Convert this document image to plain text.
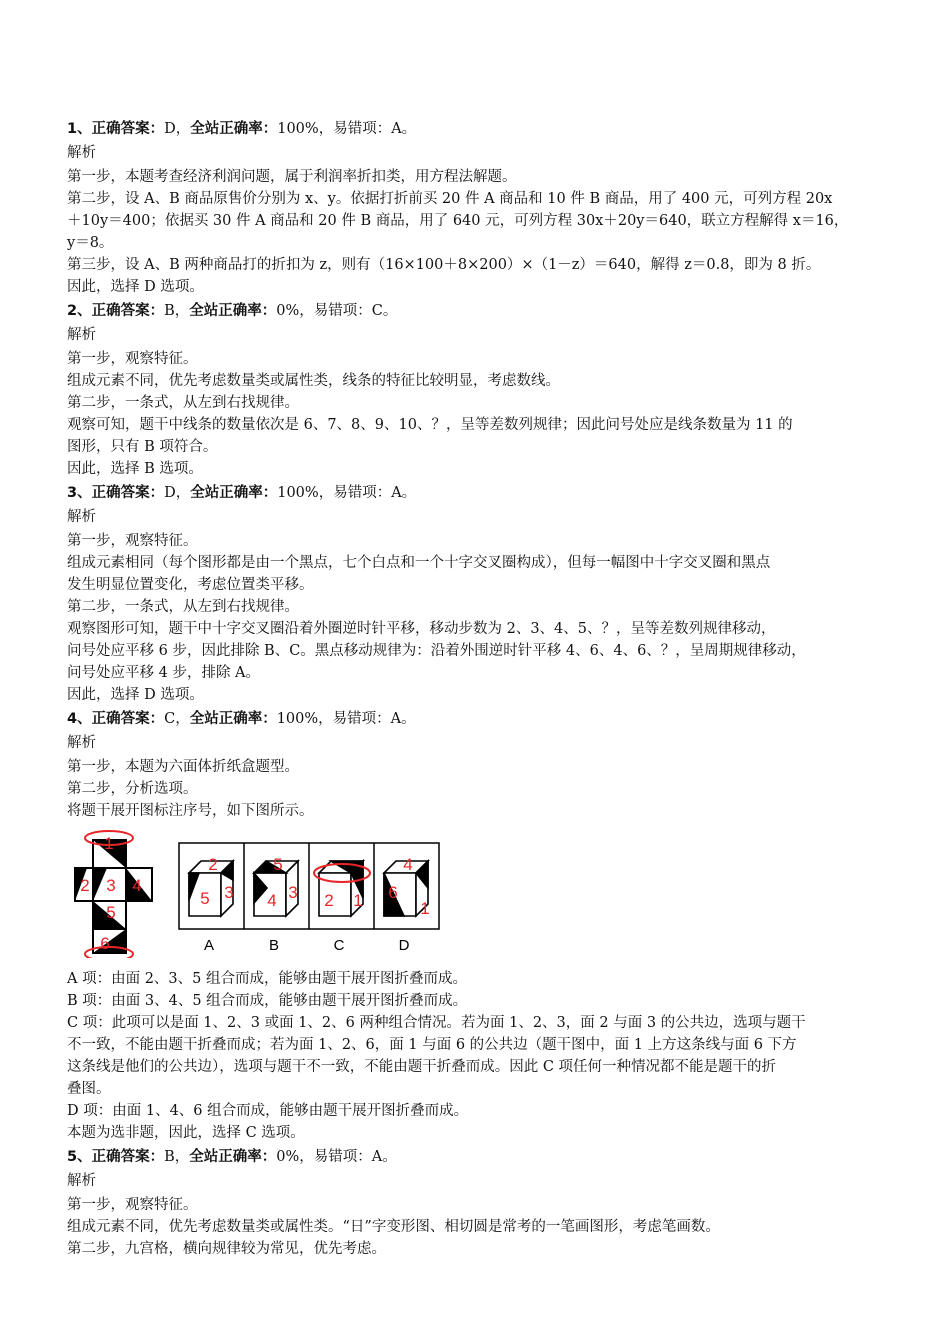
1、正确答案：D，全站正确率：100%，易错项：A。
解析
第一步，本题考查经济利润问题，属于利润率折扣类，用方程法解题。
第二步，设 A、B 商品原售价分别为 x、y。依据打折前买 20 件 A 商品和 10 件 B 商品，用了 400 元，可列方程 20x
＋10y＝400；依据买 30 件 A 商品和 20 件 B 商品，用了 640 元，可列方程 30x＋20y＝640，联立方程解得 x＝16，
y＝8。
第三步，设 A、B 两种商品打的折扣为 z，则有（16×100＋8×200）×（1－z）＝640，解得 z＝0.8，即为 8 折。
因此，选择 D 选项。
2、正确答案：B，全站正确率：0%，易错项：C。
解析
第一步，观察特征。
组成元素不同，优先考虑数量类或属性类，线条的特征比较明显，考虑数线。
第二步，一条式，从左到右找规律。
观察可知，题干中线条的数量依次是 6、7、8、9、10、？，呈等差数列规律；因此问号处应是线条数量为 11 的
图形，只有 B 项符合。
因此，选择 B 选项。
3、正确答案：D，全站正确率：100%，易错项：A。
解析
第一步，观察特征。
组成元素相同（每个图形都是由一个黑点，七个白点和一个十字交叉圈构成），但每一幅图中十字交叉圈和黑点
发生明显位置变化，考虑位置类平移。
第二步，一条式，从左到右找规律。
观察图形可知，题干中十字交叉圈沿着外圈逆时针平移，移动步数为 2、3、4、5、？，呈等差数列规律移动，
问号处应平移 6 步，因此排除 B、C。黑点移动规律为：沿着外围逆时针平移 4、6、4、6、？，呈周期规律移动，
问号处应平移 4 步，排除 A。
因此，选择 D 选项。
4、正确答案：C，全站正确率：100%，易错项：A。
解析
第一步，本题为六面体折纸盒题型。
第二步，分析选项。
将题干展开图标注序号，如下图所示。
1
2 3 4
5
6
2
5 3
5
4 3 2 1
4
6
1
A	B	C	D
A 项：由面 2、3、5 组合而成，能够由题干展开图折叠而成。
B 项：由面 3、4、5 组合而成，能够由题干展开图折叠而成。
C 项：此项可以是面 1、2、3 或面 1、2、6 两种组合情况。若为面 1、2、3，面 2 与面 3 的公共边，选项与题干
不一致，不能由题干折叠而成；若为面 1、2、6，面 1 与面 6 的公共边（题干图中，面 1 上方这条线与面 6 下方
这条线是他们的公共边），选项与题干不一致，不能由题干折叠而成。因此 C 项任何一种情况都不能是题干的折
叠图。
D 项：由面 1、4、6 组合而成，能够由题干展开图折叠而成。
本题为选非题，因此，选择 C 选项。
5、正确答案：B，全站正确率：0%，易错项：A。
解析
第一步，观察特征。
组成元素不同，优先考虑数量类或属性类。“日”字变形图、相切圆是常考的一笔画图形，考虑笔画数。
第二步，九宫格，横向规律较为常见，优先考虑。
